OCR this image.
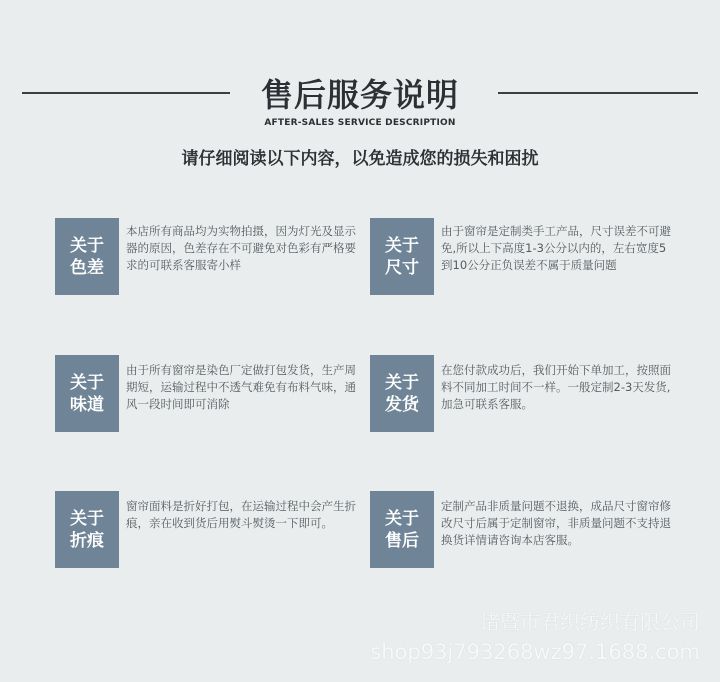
售后服务说明
AFTER-SALES SERVICE DESCRIPTION
请仔细阅读以下内容，以免造成您的损失和困扰
关于色差
本店所有商品均为实物拍摄，因为灯光及显示器的原因，色差存在不可避免对色彩有严格要求的可联系客服寄小样
关于尺寸
由于窗帘是定制类手工产品，尺寸误差不可避免,所以上下高度1-3公分以内的，左右宽度5到10公分正负误差不属于质量问题
关于味道
由于所有窗帘是染色厂定做打包发货，生产周期短，运输过程中不透气难免有布料气味，通风一段时间即可消除
关于发货
在您付款成功后，我们开始下单加工，按照面料不同加工时间不一样。一般定制2-3天发货,加急可联系客服。
关于折痕
窗帘面料是折好打包，在运输过程中会产生折痕，亲在收到货后用熨斗熨烫一下即可。	关于售后
定制产品非质量问题不退换，成品尺寸窗帘修改尺寸后属于定制窗帘，非质量问题不支持退换货详情请咨询本店客服。
诸暨市君织纺织有限公司
shop93j793268wz97.1688.com
